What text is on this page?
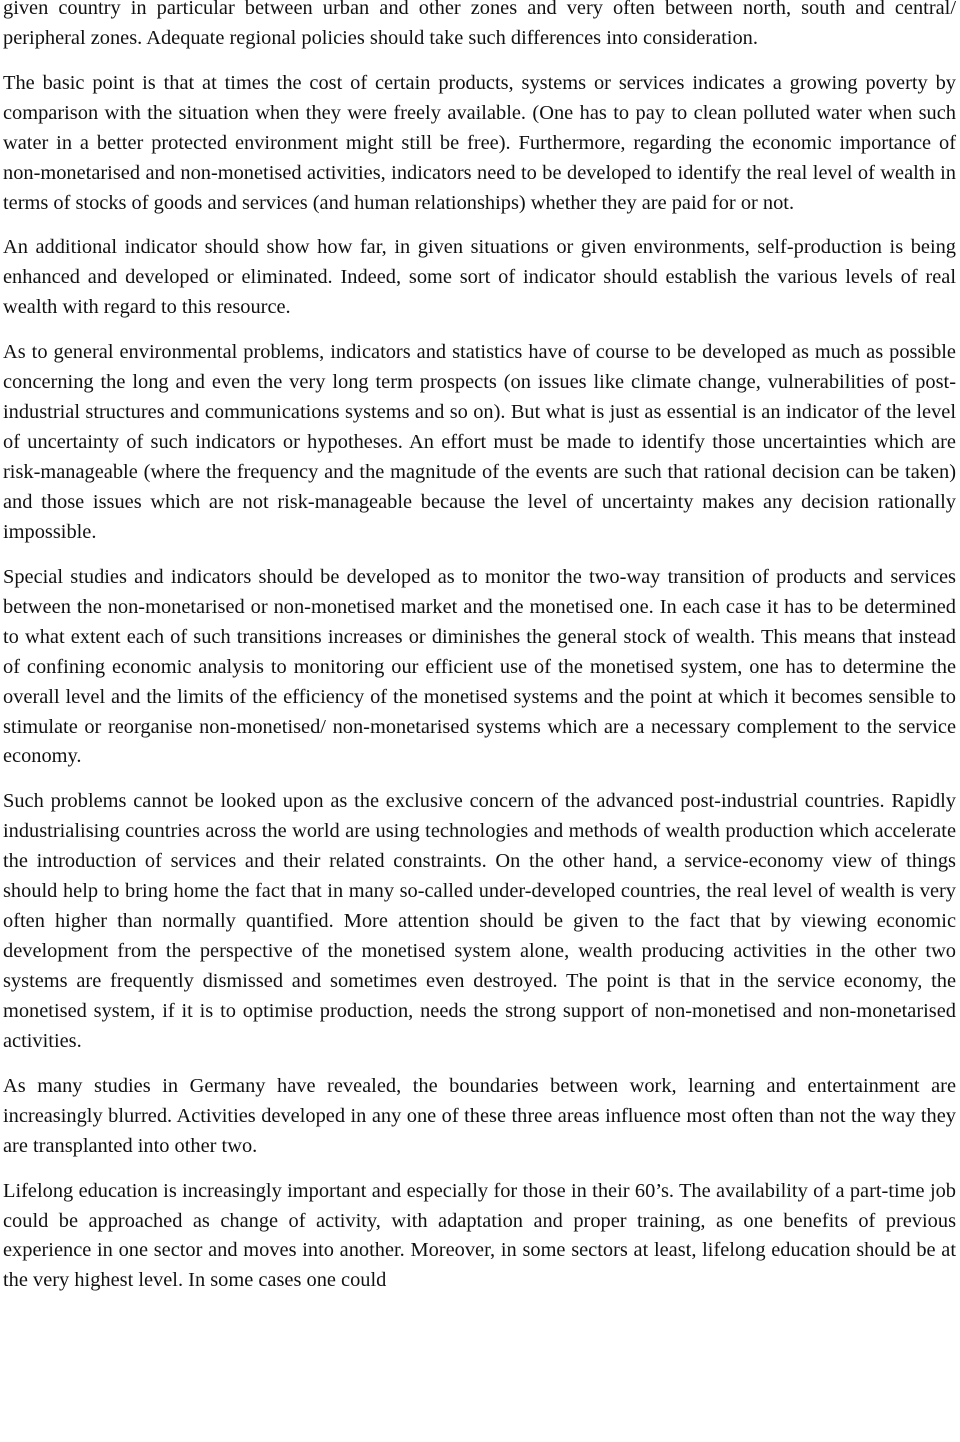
given country in particular between urban and other zones and very often between north, south and central/ peripheral zones. Adequate regional policies should take such differences into consideration.

The basic point is that at times the cost of certain products, systems or services indicates a growing poverty by comparison with the situation when they were freely available. (One has to pay to clean polluted water when such water in a better protected environment might still be free). Furthermore, regarding the economic importance of non-monetarised and non-monetised activities, indicators need to be developed to identify the real level of wealth in terms of stocks of goods and services (and human relationships) whether they are paid for or not.

An additional indicator should show how far, in given situations or given environments, self-production is being enhanced and developed or eliminated. Indeed, some sort of indicator should establish the various levels of real wealth with regard to this resource.

As to general environmental problems, indicators and statistics have of course to be developed as much as possible concerning the long and even the very long term prospects (on issues like climate change, vulnerabilities of post-industrial structures and communications systems and so on). But what is just as essential is an indicator of the level of uncertainty of such indicators or hypotheses. An effort must be made to identify those uncertainties which are risk-manageable (where the frequency and the magnitude of the events are such that rational decision can be taken) and those issues which are not risk-manageable because the level of uncertainty makes any decision rationally impossible.

Special studies and indicators should be developed as to monitor the two-way transition of products and services between the non-monetarised or non-monetised market and the monetised one. In each case it has to be determined to what extent each of such transitions increases or diminishes the general stock of wealth. This means that instead of confining economic analysis to monitoring our efficient use of the monetised system, one has to determine the overall level and the limits of the efficiency of the monetised systems and the point at which it becomes sensible to stimulate or reorganise non-monetised/ non-monetarised systems which are a necessary complement to the service economy.

Such problems cannot be looked upon as the exclusive concern of the advanced post-industrial countries. Rapidly industrialising countries across the world are using technologies and methods of wealth production which accelerate the introduction of services and their related constraints. On the other hand, a service-economy view of things should help to bring home the fact that in many so-called under-developed countries, the real level of wealth is very often higher than normally quantified. More attention should be given to the fact that by viewing economic development from the perspective of the monetised system alone, wealth producing activities in the other two systems are frequently dismissed and sometimes even destroyed. The point is that in the service economy, the monetised system, if it is to optimise production, needs the strong support of non-monetised and non-monetarised activities.

As many studies in Germany have revealed, the boundaries between work, learning and entertainment are increasingly blurred. Activities developed in any one of these three areas influence most often than not the way they are transplanted into other two.

Lifelong education is increasingly important and especially for those in their 60’s. The availability of a part-time job could be approached as change of activity, with adaptation and proper training, as one benefits of previous experience in one sector and moves into another. Moreover, in some sectors at least, lifelong education should be at the very highest level. In some cases one could
